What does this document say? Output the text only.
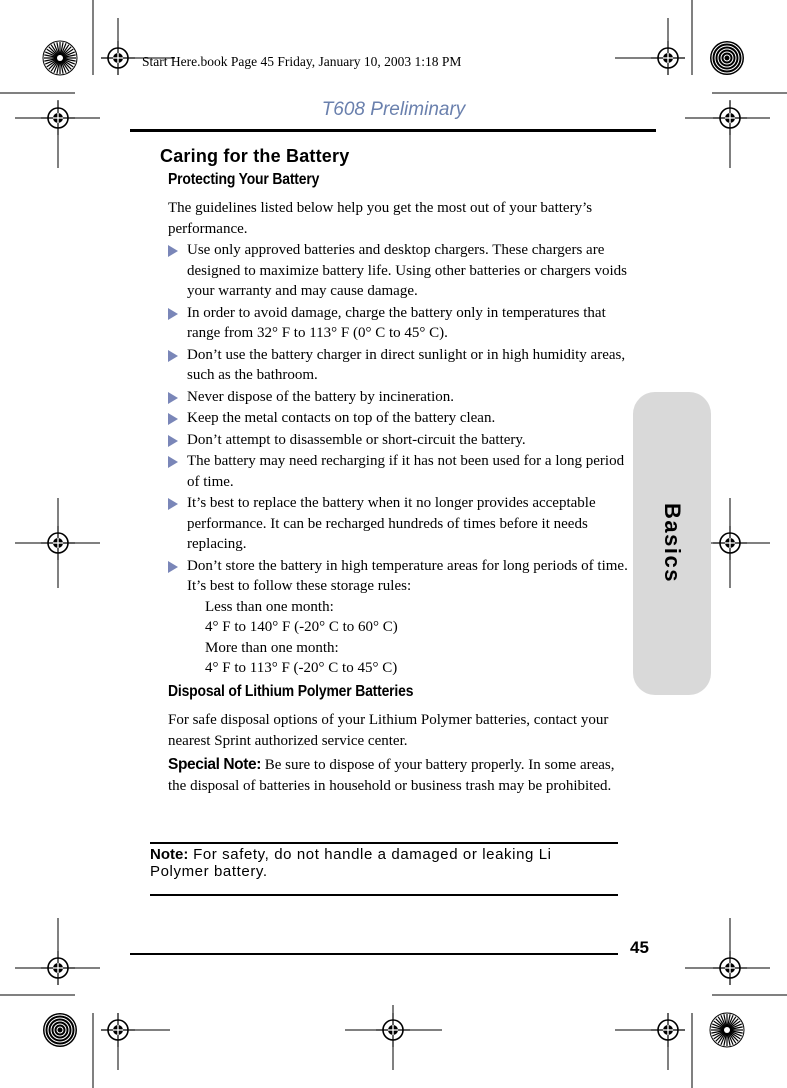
Start Here.book Page 45 Friday, January 10, 2003 1:18 PM
T608 Preliminary
Caring for the Battery
Protecting Your Battery
The guidelines listed below help you get the most out of your battery’s performance.
Use only approved batteries and desktop chargers. These chargers are designed to maximize battery life. Using other batteries or chargers voids your warranty and may cause damage.
In order to avoid damage, charge the battery only in temperatures that range from 32° F to 113° F (0° C to 45° C).
Don’t use the battery charger in direct sunlight or in high humidity areas, such as the bathroom.
Never dispose of the battery by incineration.
Keep the metal contacts on top of the battery clean.
Don’t attempt to disassemble or short-circuit the battery.
The battery may need recharging if it has not been used for a long period of time.
It’s best to replace the battery when it no longer provides acceptable performance. It can be recharged hundreds of times before it needs replacing.
Don’t store the battery in high temperature areas for long periods of time. It’s best to follow these storage rules:
Less than one month:
4° F to 140° F (-20° C to 60° C)
More than one month:
4° F to 113° F (-20° C to 45° C)
Disposal of Lithium Polymer Batteries
For safe disposal options of your Lithium Polymer batteries, contact your nearest Sprint authorized service center.
Special Note: Be sure to dispose of your battery properly. In some areas, the disposal of batteries in household or business trash may be prohibited.
Note: For safety, do not handle a damaged or leaking Li Polymer battery.
45
Basics
